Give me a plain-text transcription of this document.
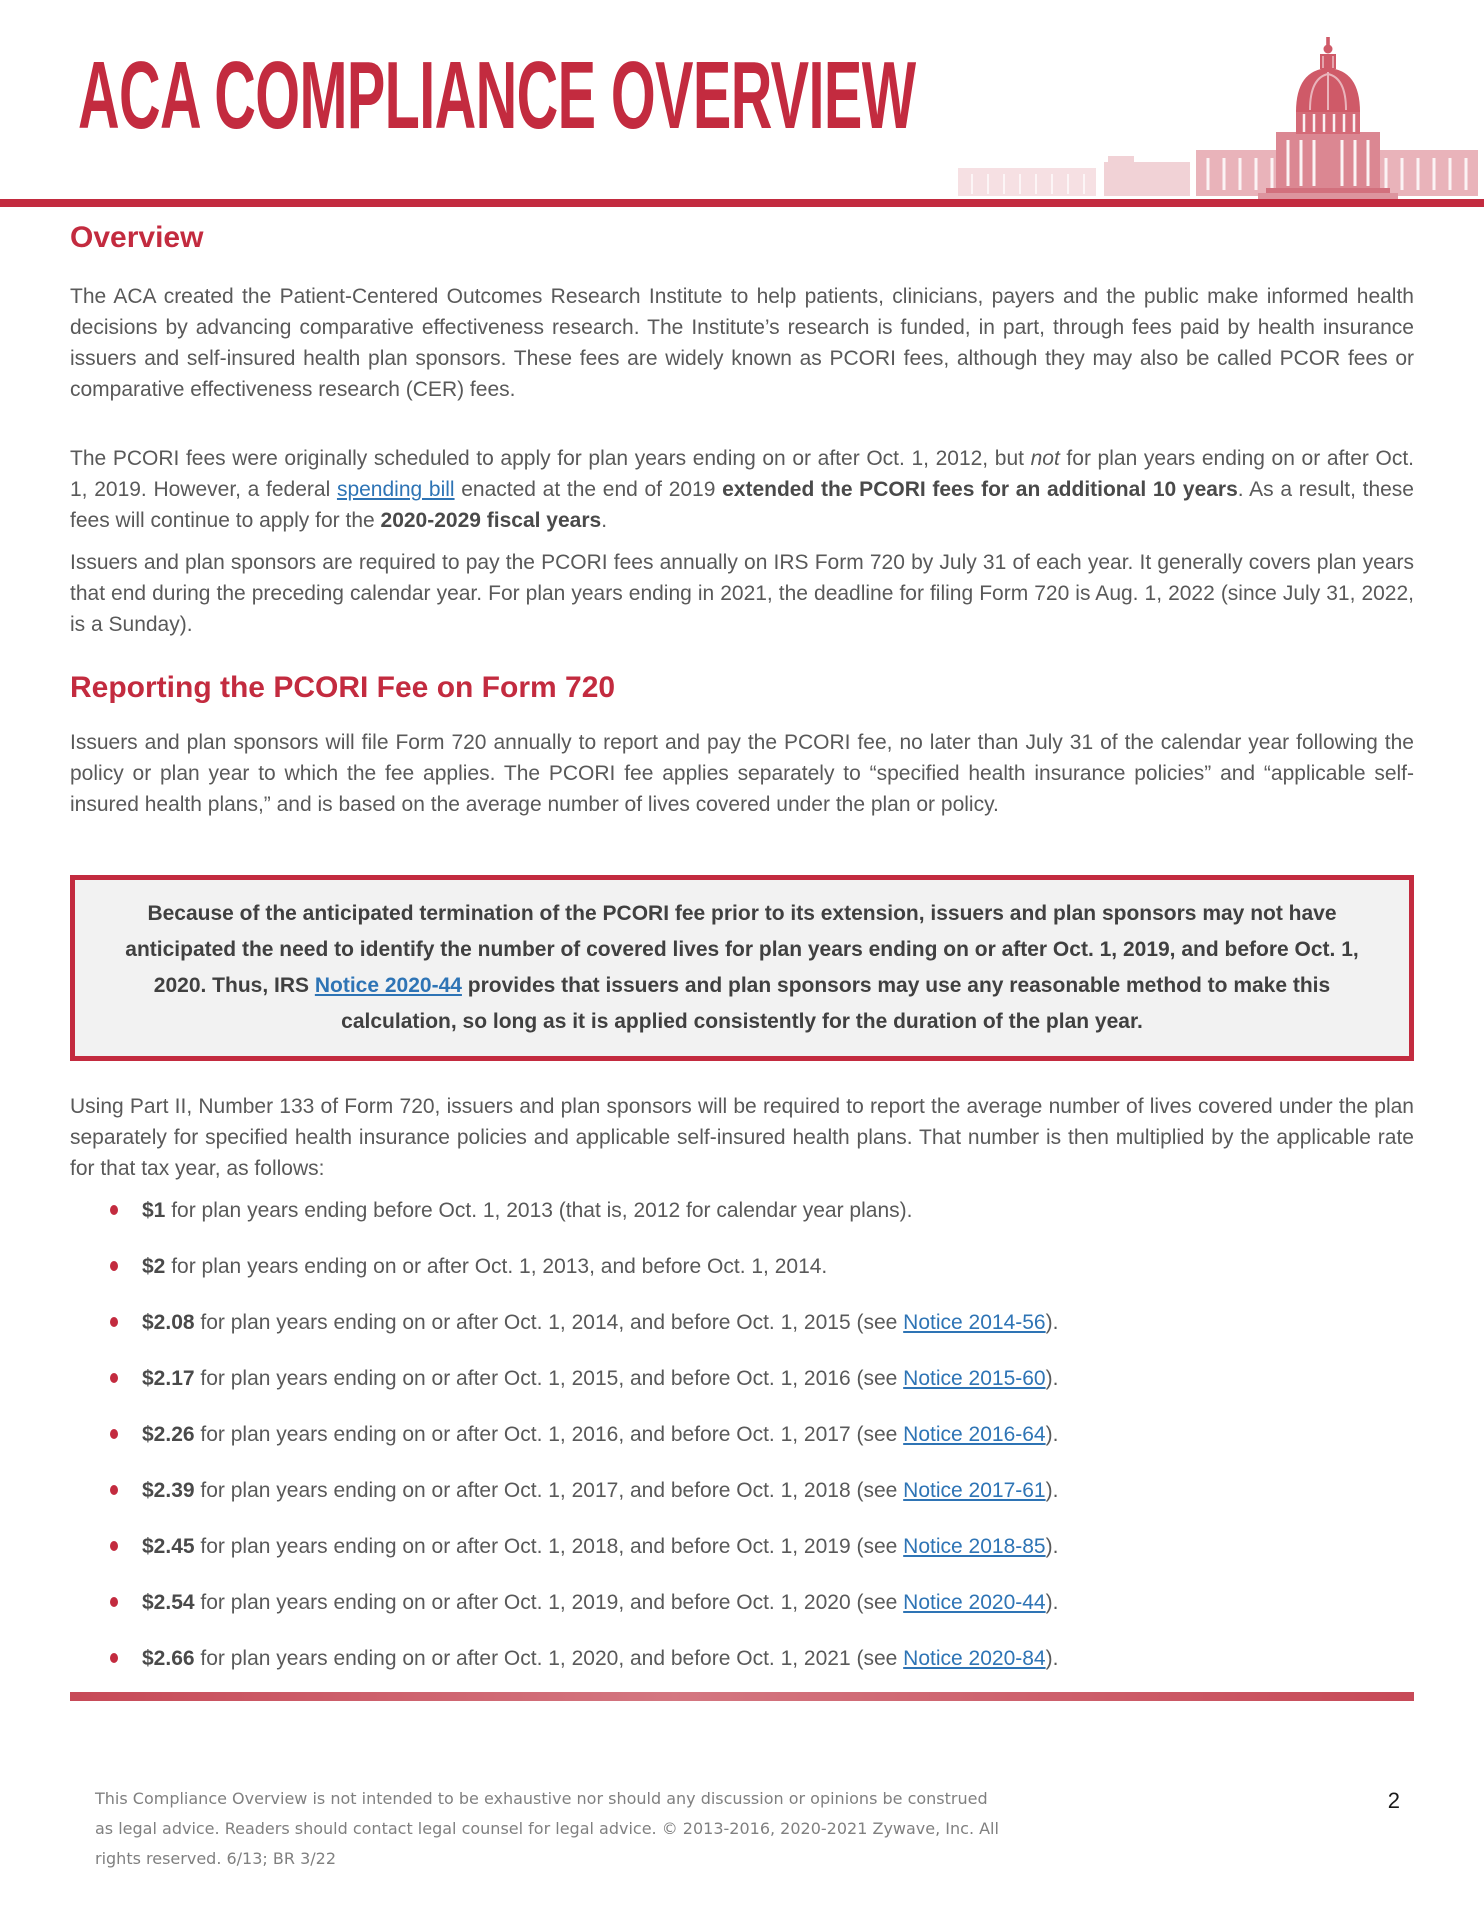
ACA COMPLIANCE OVERVIEW
Overview

The ACA created the Patient-Centered Outcomes Research Institute to help patients, clinicians, payers and the public make informed health decisions by advancing comparative effectiveness research. The Institute’s research is funded, in part, through fees paid by health insurance issuers and self-insured health plan sponsors. These fees are widely known as PCORI fees, although they may also be called PCOR fees or comparative effectiveness research (CER) fees.

The PCORI fees were originally scheduled to apply for plan years ending on or after Oct. 1, 2012, but not for plan years ending on or after Oct. 1, 2019. However, a federal spending bill enacted at the end of 2019 extended the PCORI fees for an additional 10 years. As a result, these fees will continue to apply for the 2020-2029 fiscal years.

Issuers and plan sponsors are required to pay the PCORI fees annually on IRS Form 720 by July 31 of each year. It generally covers plan years that end during the preceding calendar year. For plan years ending in 2021, the deadline for filing Form 720 is Aug. 1, 2022 (since July 31, 2022, is a Sunday).

Reporting the PCORI Fee on Form 720

Issuers and plan sponsors will file Form 720 annually to report and pay the PCORI fee, no later than July 31 of the calendar year following the policy or plan year to which the fee applies. The PCORI fee applies separately to “specified health insurance policies” and “applicable self-insured health plans,” and is based on the average number of lives covered under the plan or policy.

Because of the anticipated termination of the PCORI fee prior to its extension, issuers and plan sponsors may not have anticipated the need to identify the number of covered lives for plan years ending on or after Oct. 1, 2019, and before Oct. 1, 2020. Thus, IRS Notice 2020-44 provides that issuers and plan sponsors may use any reasonable method to make this calculation, so long as it is applied consistently for the duration of the plan year.

Using Part II, Number 133 of Form 720, issuers and plan sponsors will be required to report the average number of lives covered under the plan separately for specified health insurance policies and applicable self-insured health plans. That number is then multiplied by the applicable rate for that tax year, as follows:

$1 for plan years ending before Oct. 1, 2013 (that is, 2012 for calendar year plans).
$2 for plan years ending on or after Oct. 1, 2013, and before Oct. 1, 2014.
$2.08 for plan years ending on or after Oct. 1, 2014, and before Oct. 1, 2015 (see Notice 2014-56).
$2.17 for plan years ending on or after Oct. 1, 2015, and before Oct. 1, 2016 (see Notice 2015-60).
$2.26 for plan years ending on or after Oct. 1, 2016, and before Oct. 1, 2017 (see Notice 2016-64).
$2.39 for plan years ending on or after Oct. 1, 2017, and before Oct. 1, 2018 (see Notice 2017-61).
$2.45 for plan years ending on or after Oct. 1, 2018, and before Oct. 1, 2019 (see Notice 2018-85).
$2.54 for plan years ending on or after Oct. 1, 2019, and before Oct. 1, 2020 (see Notice 2020-44).
$2.66 for plan years ending on or after Oct. 1, 2020, and before Oct. 1, 2021 (see Notice 2020-84).
This Compliance Overview is not intended to be exhaustive nor should any discussion or opinions be construed
as legal advice. Readers should contact legal counsel for legal advice. © 2013-2016, 2020-2021 Zywave, Inc. All
rights reserved. 6/13; BR 3/22
2
